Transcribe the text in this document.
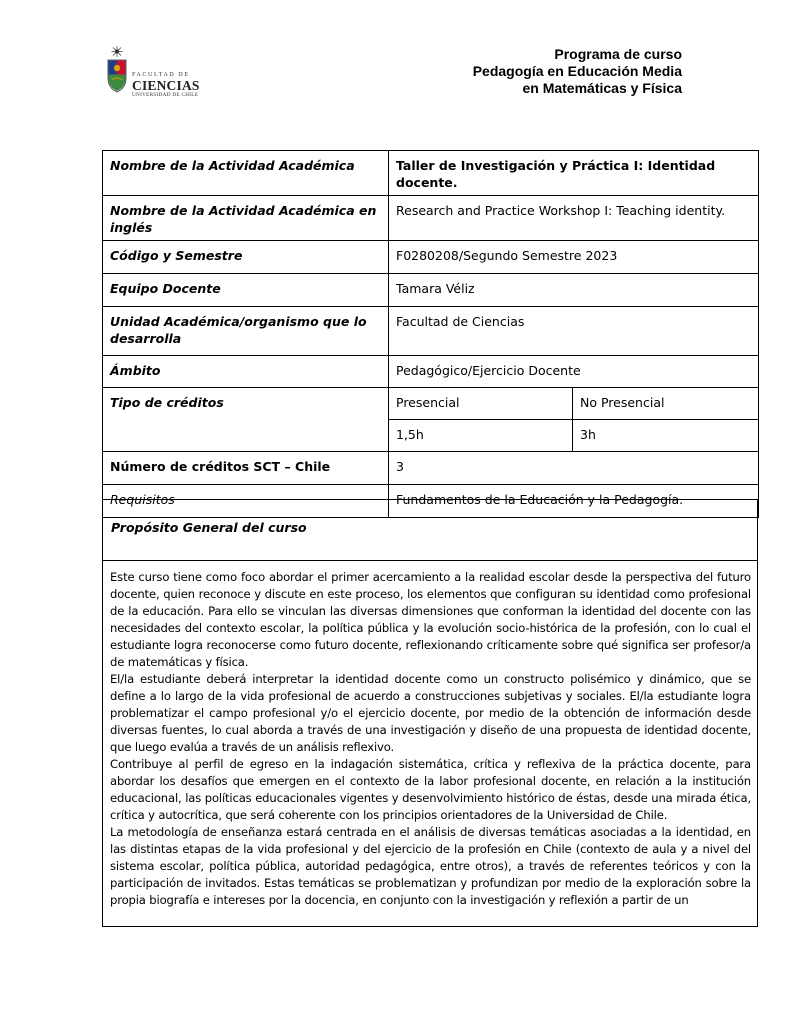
FACULTAD DE
CIENCIAS
UNIVERSIDAD DE CHILE
Programa de curso
Pedagogía en Educación Media
en Matemáticas y Física
Nombre de la Actividad Académica	Taller de Investigación y Práctica I: Identidad docente.	
Nombre de la Actividad Académica en inglés	Research and Practice Workshop I: Teaching identity.	
Código y Semestre	F0280208/Segundo Semestre 2023	
Equipo Docente	Tamara Véliz	
Unidad Académica/organismo que lo desarrolla	Facultad de Ciencias	
Ámbito	Pedagógico/Ejercicio Docente	
Tipo de créditos	Presencial	No Presencial
	1,5h	3h
Número de créditos SCT – Chile	3	
Requisitos	Fundamentos de la Educación y la Pedagogía.	
Propósito General del curso

Este curso tiene como foco abordar el primer acercamiento a la realidad escolar desde la perspectiva del futuro docente, quien reconoce y discute en este proceso, los elementos que configuran su identidad como profesional de la educación. Para ello se vinculan las diversas dimensiones que conforman la identidad del docente con las necesidades del contexto escolar, la política pública y la evolución socio-histórica de la profesión, con lo cual el estudiante logra reconocerse como futuro docente, reflexionando críticamente sobre qué significa ser profesor/a de matemáticas y física.

El/la estudiante deberá interpretar la identidad docente como un constructo polisémico y dinámico, que se define a lo largo de la vida profesional de acuerdo a construcciones subjetivas y sociales. El/la estudiante logra problematizar el campo profesional y/o el ejercicio docente, por medio de la obtención de información desde diversas fuentes, lo cual aborda a través de una investigación y diseño de una propuesta de identidad docente, que luego evalúa a través de un análisis reflexivo.

Contribuye al perfil de egreso en la indagación sistemática, crítica y reflexiva de la práctica docente, para abordar los desafíos que emergen en el contexto de la labor profesional docente, en relación a la institución educacional, las políticas educacionales vigentes y desenvolvimiento histórico de éstas, desde una mirada ética, crítica y autocrítica, que será coherente con los principios orientadores de la Universidad de Chile.

La metodología de enseñanza estará centrada en el análisis de diversas temáticas asociadas a la identidad, en las distintas etapas de la vida profesional y del ejercicio de la profesión en Chile (contexto de aula y a nivel del sistema escolar, política pública, autoridad pedagógica, entre otros), a través de referentes teóricos y con la participación de invitados. Estas temáticas se problematizan y profundizan por medio de la exploración sobre la propia biografía e intereses por la docencia, en conjunto con la investigación y reflexión a partir de un
